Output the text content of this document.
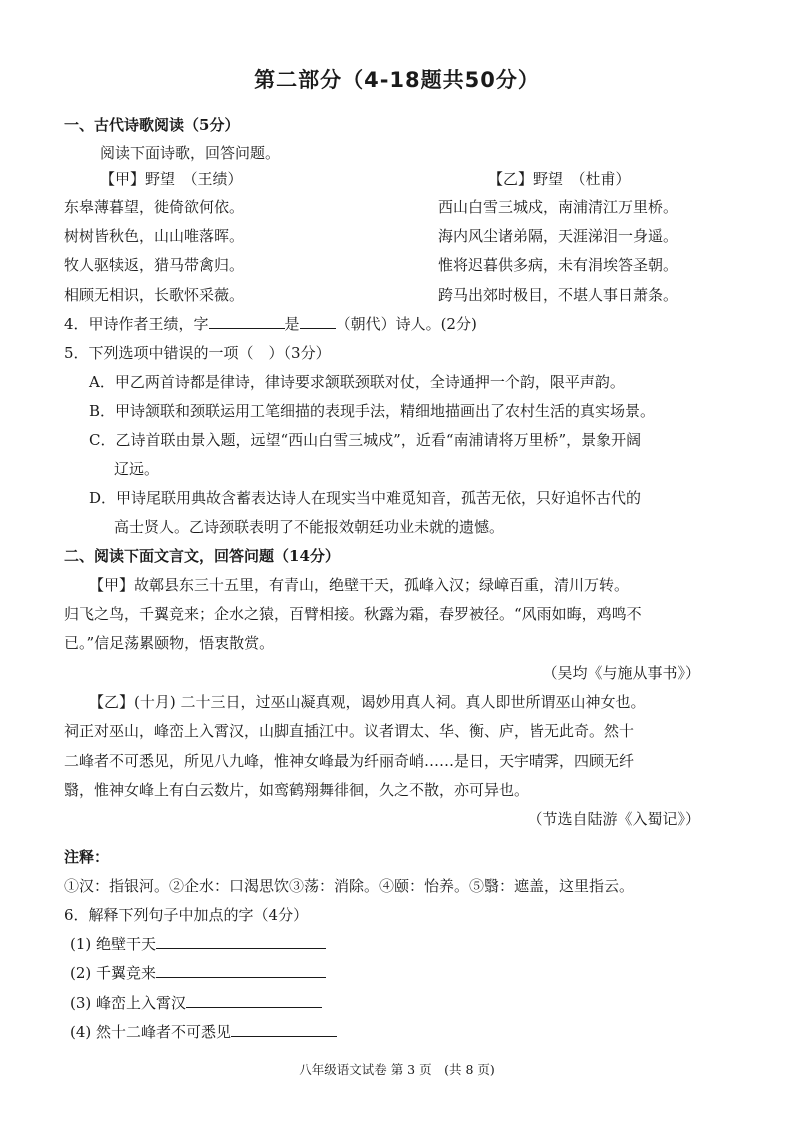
第二部分（4-18题共50分）
一、古代诗歌阅读（5分）
阅读下面诗歌，回答问题。
【甲】野望　（王绩）	【乙】野望　（杜甫）
东皋薄暮望，徙倚欲何依。
树树皆秋色，山山唯落晖。
牧人驱犊返，猎马带禽归。
相顾无相识，长歌怀采薇。
西山白雪三城戍，南浦清江万里桥。
海内风尘诸弟隔，天涯涕泪一身遥。
惟将迟暮供多病，未有涓埃答圣朝。
跨马出郊时极目，不堪人事日萧条。
4．甲诗作者王绩，字	是 （朝代）诗人。(2分)
5．下列选项中错误的一项（　）（3分）
A．甲乙两首诗都是律诗，律诗要求颔联颈联对仗，全诗通押一个韵，限平声韵。
B．甲诗颔联和颈联运用工笔细描的表现手法，精细地描画出了农村生活的真实场景。
C．乙诗首联由景入题，远望“西山白雪三城戍”，近看“南浦请将万里桥”，景象开阔
辽远。
D．甲诗尾联用典故含蓄表达诗人在现实当中难觅知音，孤苦无依，只好追怀古代的
高士贤人。乙诗颈联表明了不能报效朝廷功业未就的遗憾。
二、阅读下面文言文，回答问题（14分）
【甲】故鄣县东三十五里，有青山，绝壁干天，孤峰入汉；绿嶂百重，清川万转。
归飞之鸟，千翼竞来；企水之猿，百臂相接。秋露为霜，春罗被径。“风雨如晦，鸡鸣不
已。”信足荡累颐物，悟衷散赏。
（吴均《与施从事书》）
【乙】(十月) 二十三日，过巫山凝真观，谒妙用真人祠。真人即世所谓巫山神女也。
祠正对巫山，峰峦上入霄汉，山脚直插江中。议者谓太、华、衡、庐，皆无此奇。然十
二峰者不可悉见，所见八九峰，惟神女峰最为纤丽奇峭……是日，天宇晴霁，四顾无纤
翳，惟神女峰上有白云数片，如鸾鹤翔舞徘徊，久之不散，亦可异也。
（节选自陆游《入蜀记》）
注释：
①汉：指银河。②企水：口渴思饮③荡：消除。④颐：怡养。⑤翳：遮盖，这里指云。
6．解释下列句子中加点的字（4分）
(1) 绝壁干天
(2) 千翼竞来
(3) 峰峦上入霄汉
(4) 然十二峰者不可悉见
八年级语文试卷 第 3 页　(共 8 页)
